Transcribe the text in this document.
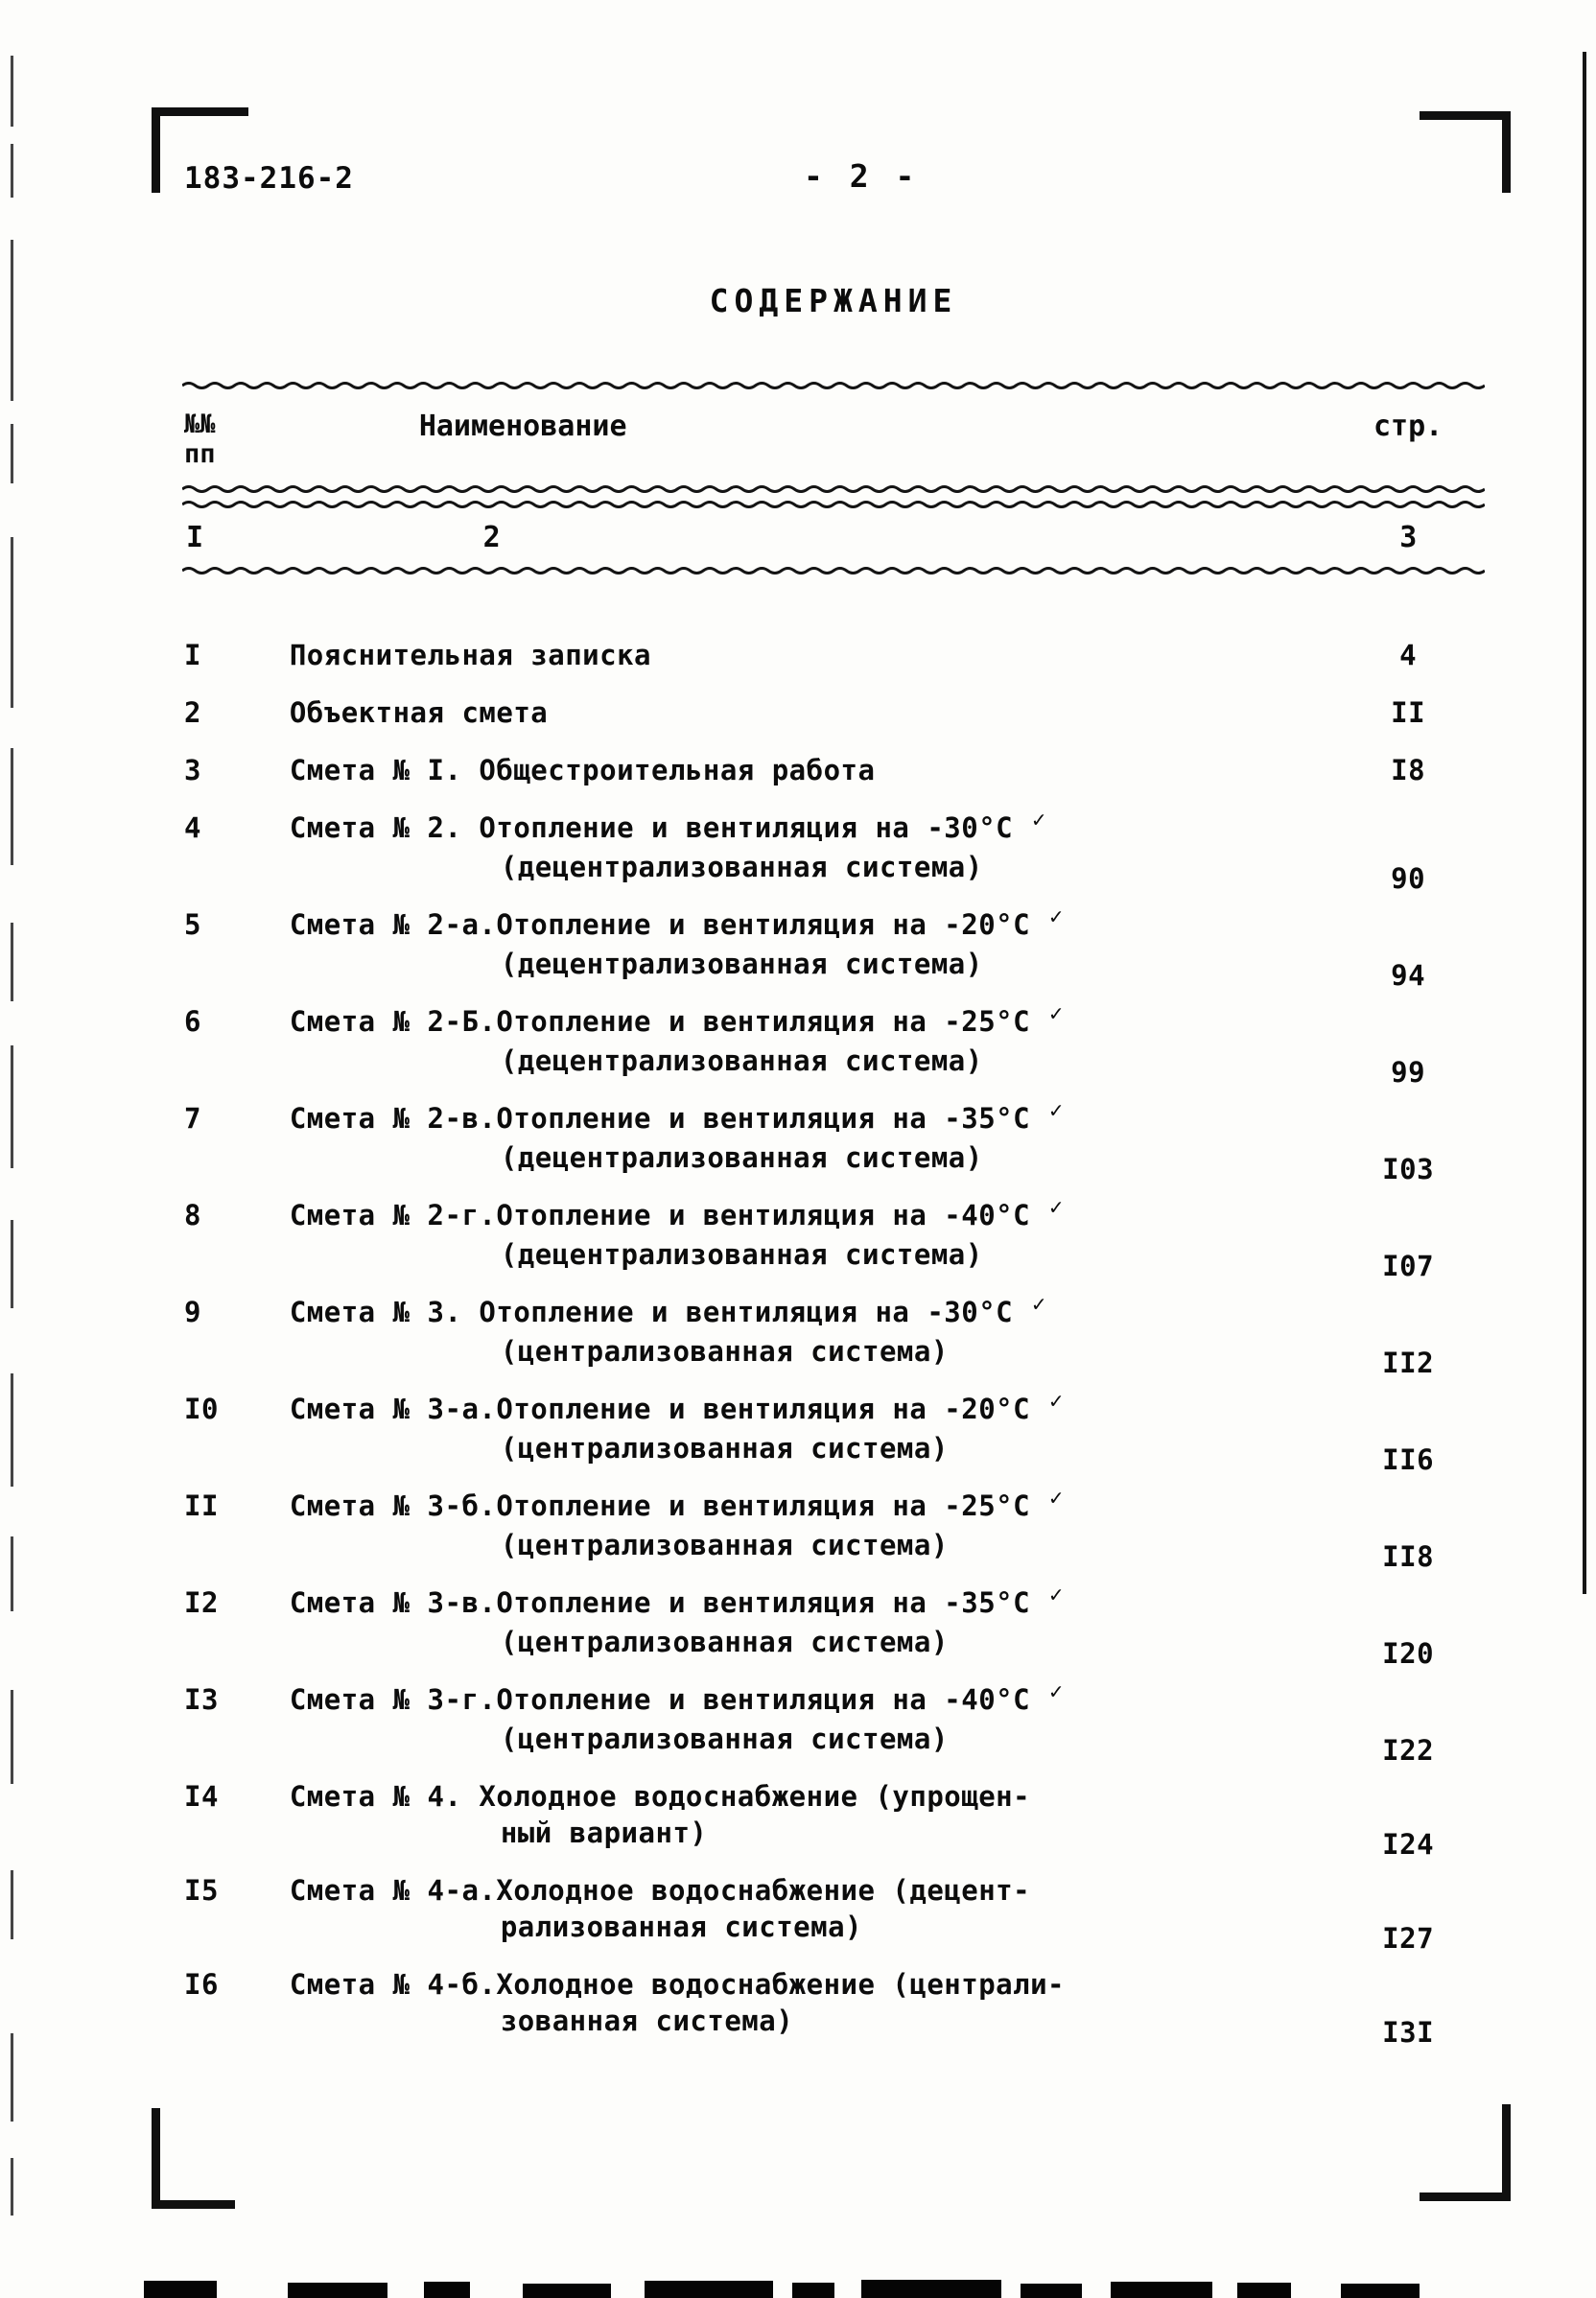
183-216-2	- 2 -
СОДЕРЖАНИЕ
№№
пп
Наименование	стр.
I	2	3
I	Пояснительная записка	4
2	Объектная смета	II
3	Смета № I. Общестроительная работа	I8
4	Смета № 2. Отопление и вентиляция на -30°С ✓
(децентрализованная система)	90
5	Смета № 2-а.Отопление и вентиляция на -20°С ✓
(децентрализованная система)	94
6	Смета № 2-Б.Отопление и вентиляция на -25°С ✓
(децентрализованная система)	99
7	Смета № 2-в.Отопление и вентиляция на -35°С ✓
(децентрализованная система)	I03
8	Смета № 2-г.Отопление и вентиляция на -40°С ✓
(децентрализованная система)	I07
9	Смета № 3. Отопление и вентиляция на -30°С ✓
(централизованная система)	II2
I0	Смета № 3-а.Отопление и вентиляция на -20°С ✓
(централизованная система)	II6
II	Смета № 3-б.Отопление и вентиляция на -25°С ✓
(централизованная система)	II8
I2	Смета № 3-в.Отопление и вентиляция на -35°С ✓
(централизованная система)	I20
I3	Смета № 3-г.Отопление и вентиляция на -40°С ✓
(централизованная система)	I22
I4	Смета № 4. Холодное водоснабжение (упрощен-
ный вариант)	I24
I5	Смета № 4-а.Холодное водоснабжение (децент-
рализованная система)	I27
I6	Смета № 4-б.Холодное водоснабжение (централи-
зованная система)	I3I
